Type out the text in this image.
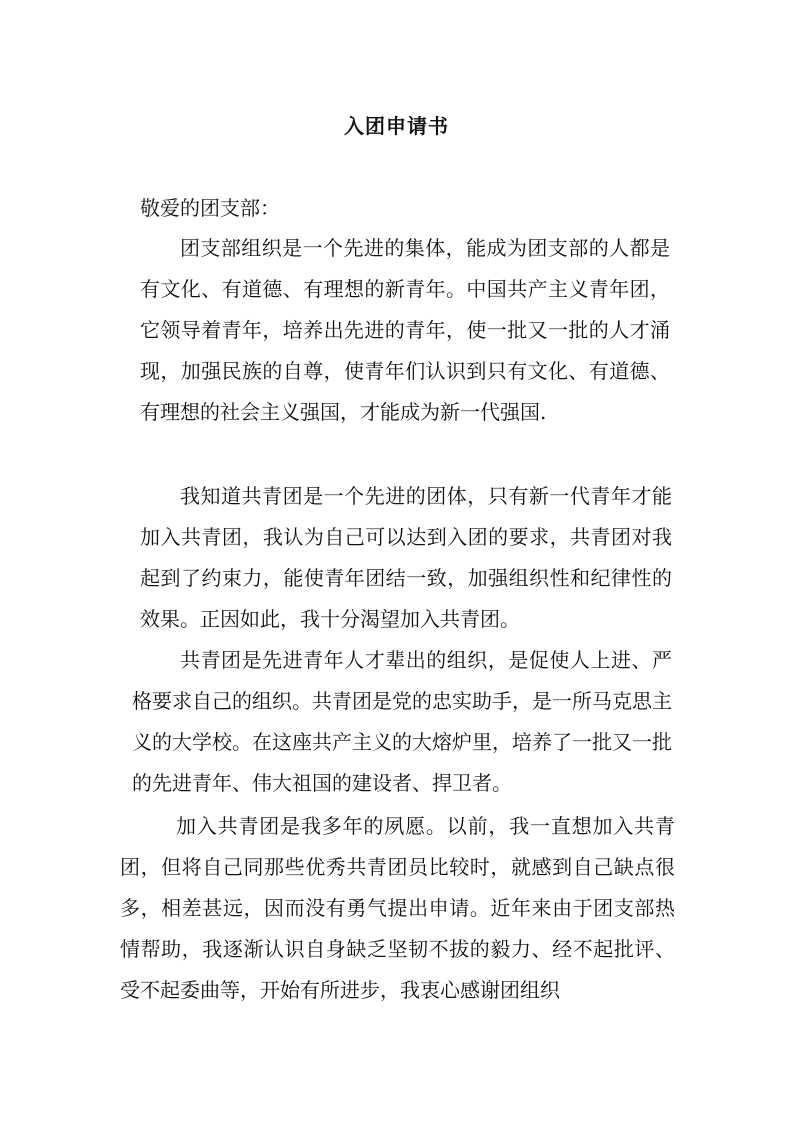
入团申请书
敬爱的团支部：

团支部组织是一个先进的集体，能成为团支部的人都是有文化、有道德、有理想的新青年。中国共产主义青年团，它领导着青年，培养出先进的青年，使一批又一批的人才涌现，加强民族的自尊，使青年们认识到只有文化、有道德、有理想的社会主义强国，才能成为新一代强国.

我知道共青团是一个先进的团体，只有新一代青年才能加入共青团，我认为自己可以达到入团的要求，共青团对我起到了约束力，能使青年团结一致，加强组织性和纪律性的效果。正因如此，我十分渴望加入共青团。

共青团是先进青年人才辈出的组织，是促使人上进、严格要求自己的组织。共青团是党的忠实助手，是一所马克思主义的大学校。在这座共产主义的大熔炉里，培养了一批又一批的先进青年、伟大祖国的建设者、捍卫者。

加入共青团是我多年的夙愿。以前，我一直想加入共青团，但将自己同那些优秀共青团员比较时，就感到自己缺点很多，相差甚远，因而没有勇气提出申请。近年来由于团支部热情帮助，我逐渐认识自身缺乏坚韧不拔的毅力、经不起批评、受不起委曲等，开始有所进步，我衷心感谢团组织
